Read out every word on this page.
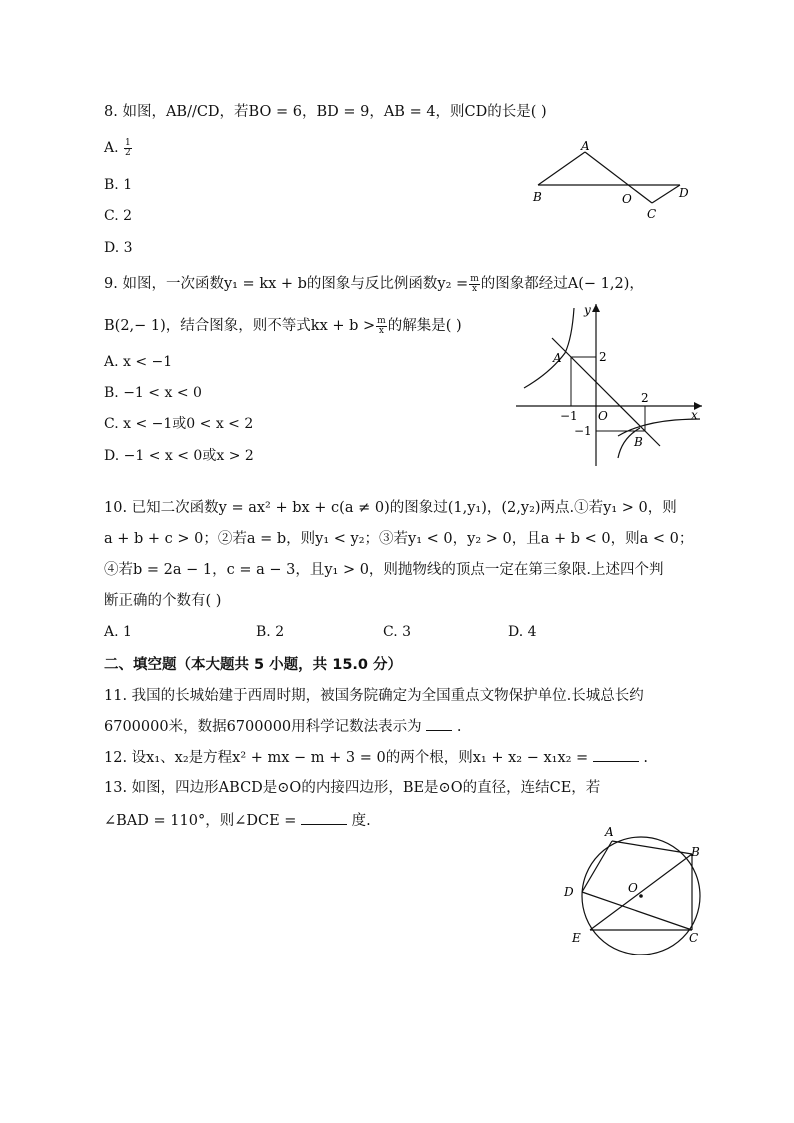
8. 如图，AB//CD，若BO = 6，BD = 9，AB = 4，则CD的长是( )
A. $\frac{1}{2}$
B. 1
C. 2
D. 3
A
B	O
C
D
9. 如图，一次函数y₁ = kx + b的图象与反比例函数$y_2 = \frac{m}{x}$ 的图象都经过A(− 1,2)，
B(2,− 1)，结合图象，则不等式kx + $b > \frac{m}{x}$ 的解集是( )
A. x < −1
B. −1 < x < 0
C. x < −1或0 < x < 2
D. −1 < x < 0或x > 2
y
x
A
B
O
2
2
−1
−1
10. 已知二次函数y = ax² + bx + c(a ≠ 0)的图象过(1,y₁)，(2,y₂)两点.①若y₁ > 0，则
a + b + c > 0；②若a = b，则y₁ < y₂；③若y₁ < 0，y₂ > 0，且a + b < 0，则a < 0；
④若b = 2a − 1，c = a − 3，且y₁ > 0，则抛物线的顶点一定在第三象限.上述四个判
断正确的个数有( )
A. 1	B. 2	C. 3	D. 4
二、填空题（本大题共 5 小题，共 15.0 分）
11. 我国的长城始建于西周时期，被国务院确定为全国重点文物保护单位.长城总长约
6700000米，数据6700000用科学记数法表示为 .
12. 设x₁、x₂是方程x² + mx − m + 3 = 0的两个根，则x₁ + x₂ − x₁x₂ =	.
13. 如图，四边形ABCD是⊙O的内接四边形，BE是⊙O的直径，连结CE，若
∠BAD = 110°，则∠DCE =	度.
A
B
C
D
E
O
